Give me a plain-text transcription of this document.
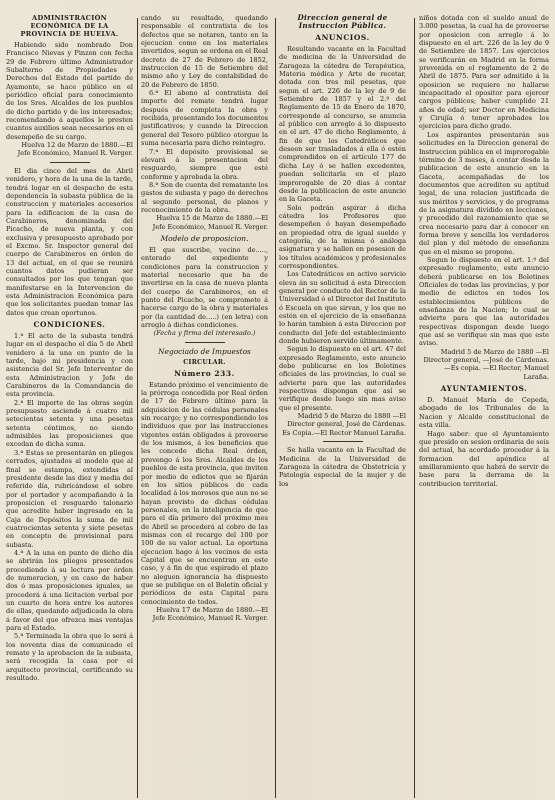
ADMINISTRACIÓN ECONÓMICA DE LA PROVINCIA DE HUELVA.

Habiendo sido nombrado Don Francisco Nievas y Pinzon con fecha 29 de Febrero último Administrador Subalterno de Propiedades y Derechos del Estado del partido de Ayamonte, se hace público en el periódico oficial para conocimiento de los Sres. Alcaldes de los pueblos de dicho partido y de los interesados; recomendando á aquellos le presten cuantos auxilios sean necesarios en el desempeño de su cargo.

Huelva 12 de Marzo de 1880.—El Jefe Económico, Manuel R. Verger.

El dia cinco del mes de Abril venidero, y hora de la una de la tarde, tendrá lugar en el despacho de esta dependencia la subasta pública de la construccion y materiales accesorios para la edificacion de la casa de Carabineros, denominada del Picacho, de nueva planta, y con exclusiva y presupuesto aprobado por el Excmo. Sr. Inspector general del cuerpo de Carabineros en órden de 13 del actual, en el que se reunirá cuantos datos pudieran ser consultados por los que tengan que manifestarse en la Intervencion de esta Administracion Económica para que los solicitantes puedan tomar las datos que crean oportunos.

CONDICIONES.

1.ª El acto de la subasta tendrá lugar en el despacho el día 5 de Abril venidero á la una en punto de la tarde, bajo mi presidencia y con asistencia del Sr. Jefe Interventor de esta Administracion y Jefe de Carabineros de la Comandancia de esta provincia.

2.ª El importe de las obras según presupuesto asciende á cuatro mil setecientas setenta y una pesetas setenta céntimos, no siendo admisibles las proposiciones que excedan de dicha suma.

3.ª Estas se presentarán en pliegos cerrados, ajustados al modelo que al final se estampa, extendidas al presidente desde las diez y media del referido día, rubricándose el sobre por el portador y acompañando á la proposicion el resguardo talonario que acredite haber ingresado en la Caja de Depósitos la suma de mil cuatrocientas setenta y siete pesetas en concepto de provisional para subasta.

4.ª A la una en punto de dicho día se abrirán los pliegos presentados procediendo á su lectura por órden de numeracion, y en caso de haber dos ó mas proposiciones iguales, se procederá á una licitacion verbal por un cuarto de hora entre los autores de ellas, quedando adjudicada la obra á favor del que ofrezca mas ventajas para el Estado.

5.ª Terminada la obra que lo será á los noventa dias de comunicado el remate y la aprobacion de la subasta, será recogida la casa por el arquitecto provincial, certificando su resultado.

cando su resultado, quedando responsable el contratista de los defectos que se notaren, tanto en la ejecucion como en los materiales invertidos, segun se ordena en el Real decreto de 27 de Febrero de 1852, instruccion de 15 de Setiembre del mismo año y Ley de contabilidad de 20 de Febrero de 1850.

6.ª El abono al contratista del importe del remate tendrá lugar después de completa la obra y recibida, presentando los documentos justificativos; y cuando la Direccion general del Tesoro público otorgue la suma necesaria para dicho reintegro.

7.ª El depósito provisional se elevará á la presentacion del resguardo, siempre que esté conforme y aprobada la obra.

8.ª Son de cuenta del rematante los gastos de subasta y pago de derechos al segundo personal, de planos y reconocimiento de la obra.

Huelva 15 de Marzo de 1880.—El Jefe Económico, Manuel R. Verger.

Modelo de proposicion.

El que suscribe, vecino de....., enterado del expediente y condiciones para la construccion y material necesario que ha de invertirse en la casa de nueva planta del cuerpo de Carabineros, en el punto del Picacho, se compromete á hacerse cargo de la obra y materiales por (la cantidad de.....) (en letra) con arreglo á dichas condiciones.

(Fecha y firma del interesado.)

Negociado de Impuestos
CIRCULAR.
Número 233.

Estando próximo el vencimiento de la prórroga concedida por Real órden de 17 de Febrero último para la adquisicion de las cédulas personales sin recargo; y no correspondiendo los individuos que por las instrucciones vigentes están obligados á proveerse de los mismos, á los beneficios que les concede dicha Real órden, prevengo á los Sres. Alcaldes de los pueblos de esta provincia, que inviten por medio de edictos que se fijarán en los sitios públicos de cada localidad á los morosos que aun no se hayan provisto de dichas cédulas personales, en la inteligencia de que para el día primero del próximo mes de Abril se procederá al cobro de las mismas con el recargo del 100 por 100 de su valor actual. La oportuna ejecucion hago á los vecinos de esta Capital que se encuentran en este caso, y á fin de que espirado el plazo no aleguen ignorancia ha dispuesto que se publique en el Boletin oficial y periódicos de esta Capital para conocimiento de todos.

Huelva 17 de Marzo de 1880.—El Jefe Económico, Manuel R. Verger.

Direccion general de Instruccion Pública.
ANUNCIOS.

Resultando vacante en la Facultad de medicina de la Universidad de Zaragoza la cátedra de Terapéutica, Materia médica y Arte de recetar, dotada con tres mil pesetas, que segun el art. 226 de la ley de 9 de Setiembre de 1857 y el 2.º del Reglamento de 15 de Enero de 1870, corresponde al concurso, se anuncia al público con arreglo á lo dispuesto en el art. 47 de dicho Reglamento, á fin de que los Catedráticos que deseen ser trasladados á ella ó estén comprendidos en el artículo 177 de dicha Ley ó se hallen excedentes, puedan solicitarla en el plazo improrogable de 20 dias á contar desde la publicacion de este anuncio en la Gaceta.

Solo podrán aspirar á dicha cátedra los Profesores que desempeñen ó hayan desempeñado en propiedad otra de igual sueldo y categoría, de la misma ó análoga asignatura y se hallen en posesion de los títulos académicos y profesionales correspondientes.

Los Catedráticos en activo servicio eleva án su solicitud á esta Direccion general por conducto del Rector de la Universidad ó el Director del Instituto ó Escuela en que sirvan, y los que no estén en el ejercicio de la enseñanza lo harán tambien á esta Direccion por conducto del Jefe del establecimiento donde hubieren servido últimamente.

Segun lo dispuesto en el art. 47 del expresado Reglamento, este anuncio debe publicarse en los Boletines oficiales de las provincias, lo cual se advierte para que las autoridades respectivas dispongan que así se verifique desde luego sin mas aviso que el presente.

Madrid 5 de Marzo de 1880 —El Director general, José de Cárdenas. Es Copia.—El Rector Manuel Laraña.

Se halla vacante en la Facultad de Medicina de la Universidad de Zaragoza la cátedra de Obstetricia y Patología especial de la mujer y de los

niños dotada con el sueldo anual de 3.000 pesetas, la cual ha de proveerse por oposicion con arreglo á lo dispuesto en el art. 226 de la ley de 9 de Setiembre de 1857. Los ejercicios se verificarán en Madrid en la forma prevenida en el reglamento de 2 de Abril de 1875. Para ser admitido á la oposicion se requiere no hallarse incapacitado el opositor para ejercer cargos públicos; haber cumplido 21 años de edad; ser Doctor en Medicina y Cirujía ó tener aprobados los ejercicios para dicho grado.

Los aspirantes presentarán sus solicitudes en la Direccion general de Instruccion pública en el improrogable término de 3 meses, á contar desde la publicacion de este anuncio en la Gaceta, acompañadas de los documentos que acrediten su aptitud legal, de una relacion justificada de sus méritos y servicios, y de programa de la asignatura dividido en lecciones, y precedido del razonamiento que se crea necesario para dar á conocer en forma breve y sencilla los verdaderos del plan y del método de enseñanza que en el mismo se propone.

Segun lo dispuesto en el art. 1.º del expresado reglamento, este anuncio deberá publicarse en los Boletines Oficiales de todas las provincias, y por medio de edictos en todos los establecimientos públicos de enseñanza de la Nacion; lo cual se advierte para que las autoridades respectivas dispongan desde luego que así se verifique sin mas que este aviso.

Madrid 5 de Marzo de 1880 —El Director general, —José de Cárdenas.—Es copia. —El Rector, Manuel Laraña.

AYUNTAMIENTOS.

D. Manuel María de Cepeda, abogado de los Tribunales de la Nacion y Alcalde constitucional de esta villa.

Hago saber: que el Ayuntamiento que presido en sesion ordinaria de seis del actual, ha acordado proceder á la formacion del apéndice al amillaramiento que habrá de servir de base para la derrama de la contribucion territorial.
